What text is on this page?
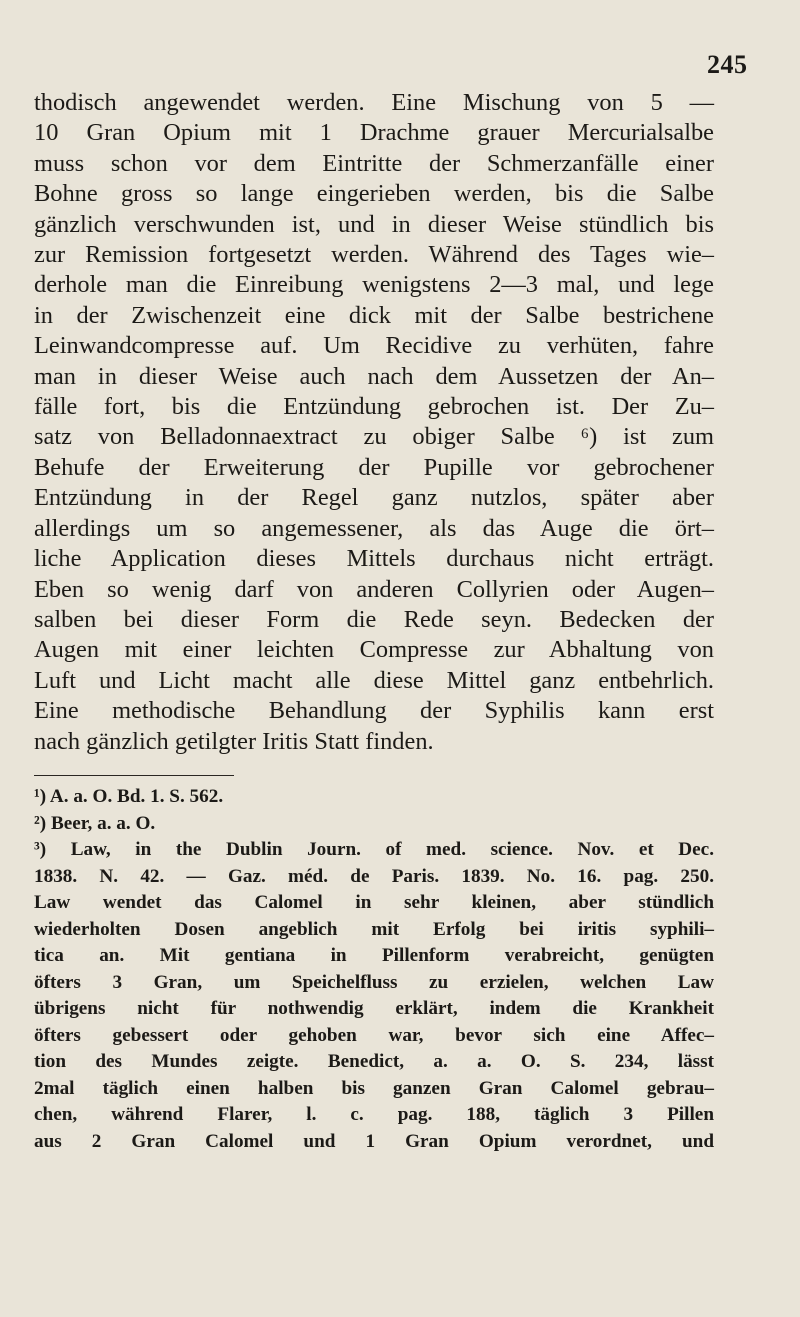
245
thodisch angewendet werden. Eine Mischung von 5 —
10 Gran Opium mit 1 Drachme grauer Mercurialsalbe
muss schon vor dem Eintritte der Schmerzanfälle einer
Bohne gross so lange eingerieben werden, bis die Salbe
gänzlich verschwunden ist, und in dieser Weise stündlich bis
zur Remission fortgesetzt werden. Während des Tages wie–
derhole man die Einreibung wenigstens 2—3 mal, und lege
in der Zwischenzeit eine dick mit der Salbe bestrichene
Leinwandcompresse auf. Um Recidive zu verhüten, fahre
man in dieser Weise auch nach dem Aussetzen der An–
fälle fort, bis die Entzündung gebrochen ist. Der Zu–
satz von Belladonnaextract zu obiger Salbe ⁶) ist zum
Behufe der Erweiterung der Pupille vor gebrochener
Entzündung in der Regel ganz nutzlos, später aber
allerdings um so angemessener, als das Auge die ört–
liche Application dieses Mittels durchaus nicht erträgt.
Eben so wenig darf von anderen Collyrien oder Augen–
salben bei dieser Form die Rede seyn. Bedecken der
Augen mit einer leichten Compresse zur Abhaltung von
Luft und Licht macht alle diese Mittel ganz entbehrlich.
Eine methodische Behandlung der Syphilis kann erst
nach gänzlich getilgter Iritis Statt finden.
¹) A. a. O. Bd. 1. S. 562.
²) Beer, a. a. O.
³) Law, in the Dublin Journ. of med. science. Nov. et Dec.
1838. N. 42. — Gaz. méd. de Paris. 1839. No. 16. pag. 250.
Law wendet das Calomel in sehr kleinen, aber stündlich
wiederholten Dosen angeblich mit Erfolg bei iritis syphili–
tica an. Mit gentiana in Pillenform verabreicht, genügten
öfters 3 Gran, um Speichelfluss zu erzielen, welchen Law
übrigens nicht für nothwendig erklärt, indem die Krankheit
öfters gebessert oder gehoben war, bevor sich eine Affec–
tion des Mundes zeigte. Benedict, a. a. O. S. 234, lässt
2mal täglich einen halben bis ganzen Gran Calomel gebrau–
chen, während Flarer, l. c. pag. 188, täglich 3 Pillen
aus 2 Gran Calomel und 1 Gran Opium verordnet, und
